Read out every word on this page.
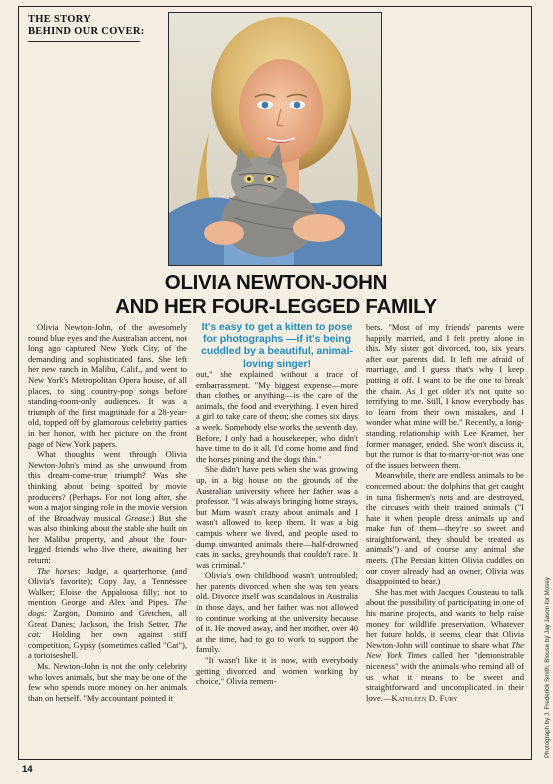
THE STORY
BEHIND OUR COVER:
OLIVIA NEWTON-JOHN
AND HER FOUR-LEGGED FAMILY

Olivia Newton-John, of the awesomely round blue eyes and the Australian accent, not long ago captured New York City, of the demanding and sophisticated fans. She left her new ranch in Malibu, Calif., and went to New York's Metropolitan Opera house, of all places, to sing country-pop songs before standing-room-only audiences. It was a triumph of the first magnitude for a 28-year-old, topped off by glamorous celebrity parties in her honor, with her picture on the front page of New York papers.

What thoughts went through Olivia Newton-John's mind as she unwound from this dream-come-true triumph? Was she thinking about being spotted by movie producers? (Perhaps. For not long after, she won a major singing role in the movie version of the Broadway musical Grease.) But she was also thinking about the stable she built on her Malibu property, and about the four-legged friends who live there, awaiting her return:

The horses: Judge, a quarterhorse (and Olivia's favorite); Copy Jay, a Tennessee Walker; Eloise the Appaloosa filly; not to mention George and Alex and Pipes. The dogs: Zargon, Domino and Gretchen, all Great Danes; Jackson, the Irish Setter. The cat: Holding her own against stiff competition, Gypsy (sometimes called "Cat"), a tortoiseshell.

Ms. Newton-John is not the only celebrity who loves animals, but she may be one of the few who spends more money on her animals than on herself. "My accountant pointed it

It's easy to get a kitten to pose for photographs —if it's being cuddled by a beautiful, animal-loving singer!

out," she explained without a trace of embarrassment. "My biggest expense—more than clothes or anything—is the care of the animals, the food and everything. I even hired a girl to take care of them; she comes six days a week. Somebody else works the seventh day. Before, I only had a housekeeper, who didn't have time to do it all. I'd come home and find the horses pining and the dogs thin."

She didn't have pets when she was growing up, in a big house on the grounds of the Australian university where her father was a professor. "I was always bringing home strays, but Mum wasn't crazy about animals and I wasn't allowed to keep them. It was a big campus where we lived, and people used to dump unwanted animals there—half-drowned cats in sacks, greyhounds that couldn't race. It was criminal."

Olivia's own childhood wasn't untroubled; her parents divorced when she was ten years old. Divorce itself was scandalous in Australia in those days, and her father was not allowed to continue working at the university because of it. He moved away, and her mother, over 40 at the time, had to go to work to support the family.

"It wasn't like it is now, with everybody getting divorced and women working by choice," Olivia remem-

bers. "Most of my friends' parents were happily married, and I felt pretty alone in this. My sister got divorced, too, six years after our parents did. It left me afraid of marriage, and I guess that's why I keep putting it off. I want to be the one to break the chain. As I get older it's not quite so terrifying to me. Still, I know everybody has to learn from their own mistakes, and I wonder what mine will be." Recently, a long-standing relationship with Lee Kramer, her former manager, ended. She won't discuss it, but the rumor is that to-marry-or-not was one of the issues between them.

Meanwhile, there are endless animals to be concerned about: the dolphins that get caught in tuna fishermen's nets and are destroyed, the circuses with their trained animals ("I hate it when people dress animals up and make fun of them—they're so sweet and straightforward, they should be treated as animals") and of course any animal she meets. (The Persian kitten Olivia cuddles on our cover already had an owner, Olivia was disappointed to hear.)

She has met with Jacques Cousteau to talk about the possibility of participating in one of his marine projects, and wants to help raise money for wildlife preservation. Whatever her future holds, it seems clear that Olivia Newton-John will continue to share what The New York Times called her "demonstrable niceness" with the animals who remind all of us what it means to be sweet and straightforward and uncomplicated in their love.—Kathleen D. Fury	Photograph by J. Frederick Smith; Blouse by Jay Jason for Mosey
14
